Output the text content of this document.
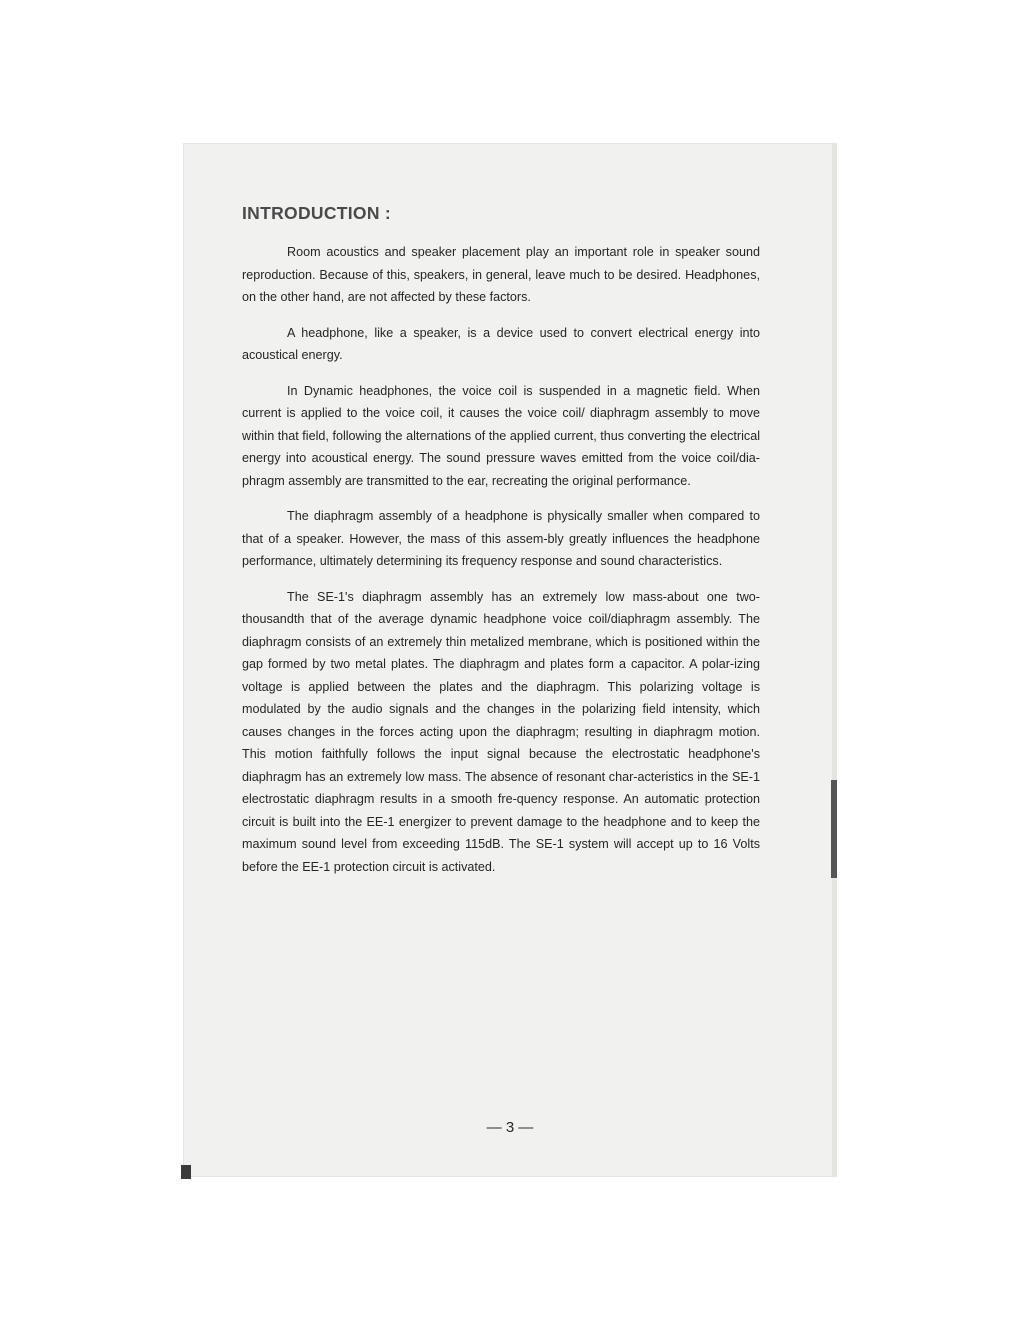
INTRODUCTION :

Room acoustics and speaker placement play an important role in speaker sound reproduction. Because of this, speakers, in general, leave much to be desired. Headphones, on the other hand, are not affected by these factors.

A headphone, like a speaker, is a device used to convert electrical energy into acoustical energy.

In Dynamic headphones, the voice coil is suspended in a magnetic field. When current is applied to the voice coil, it causes the voice coil/ diaphragm assembly to move within that field, following the alternations of the applied current, thus converting the electrical energy into acoustical energy. The sound pressure waves emitted from the voice coil/dia-phragm assembly are transmitted to the ear, recreating the original performance.

The diaphragm assembly of a headphone is physically smaller when compared to that of a speaker. However, the mass of this assem-bly greatly influences the headphone performance, ultimately determining its frequency response and sound characteristics.

The SE-1's diaphragm assembly has an extremely low mass-about one two-thousandth that of the average dynamic headphone voice coil/diaphragm assembly. The diaphragm consists of an extremely thin metalized membrane, which is positioned within the gap formed by two metal plates. The diaphragm and plates form a capacitor. A polar-izing voltage is applied between the plates and the diaphragm. This polarizing voltage is modulated by the audio signals and the changes in the polarizing field intensity, which causes changes in the forces acting upon the diaphragm; resulting in diaphragm motion. This motion faithfully follows the input signal because the electrostatic headphone's diaphragm has an extremely low mass. The absence of resonant char-acteristics in the SE-1 electrostatic diaphragm results in a smooth fre-quency response. An automatic protection circuit is built into the EE-1 energizer to prevent damage to the headphone and to keep the maximum sound level from exceeding 115dB. The SE-1 system will accept up to 16 Volts before the EE-1 protection circuit is activated.

— 3 —
